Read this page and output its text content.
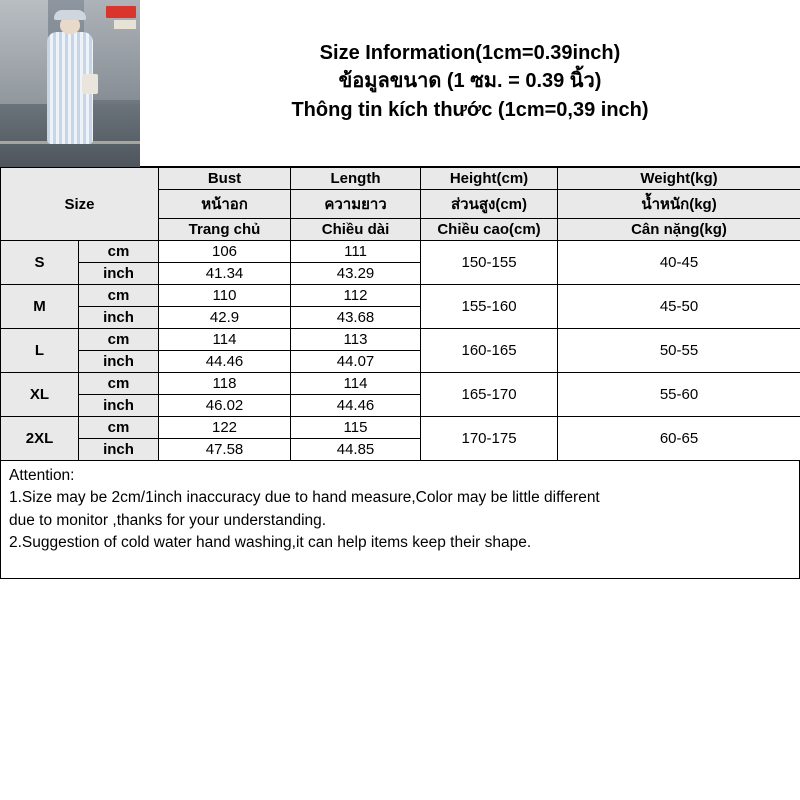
Size Information(1cm=0.39inch)
ข้อมูลขนาด (1 ซม. = 0.39 นิ้ว)
Thông tin kích thước (1cm=0,39 inch)
Size		Bust	Length	Height(cm)	Weight(kg)
		หน้าอก	ความยาว	ส่วนสูง(cm)	น้ำหนัก(kg)
		Trang chủ	Chiều dài	Chiều cao(cm)	Cân nặng(kg)
S	cm	106	111	150-155	40-45
	inch	41.34	43.29		
M	cm	110	112	155-160	45-50
	inch	42.9	43.68		
L	cm	114	113	160-165	50-55
	inch	44.46	44.07		
XL	cm	118	114	165-170	55-60
	inch	46.02	44.46		
2XL	cm	122	115	170-175	60-65
	inch	47.58	44.85		
Attention:
1.Size may be 2cm/1inch inaccuracy due to hand measure,Color may be little different
due to monitor ,thanks for your understanding.
2.Suggestion of cold water hand washing,it can help items keep their shape.
